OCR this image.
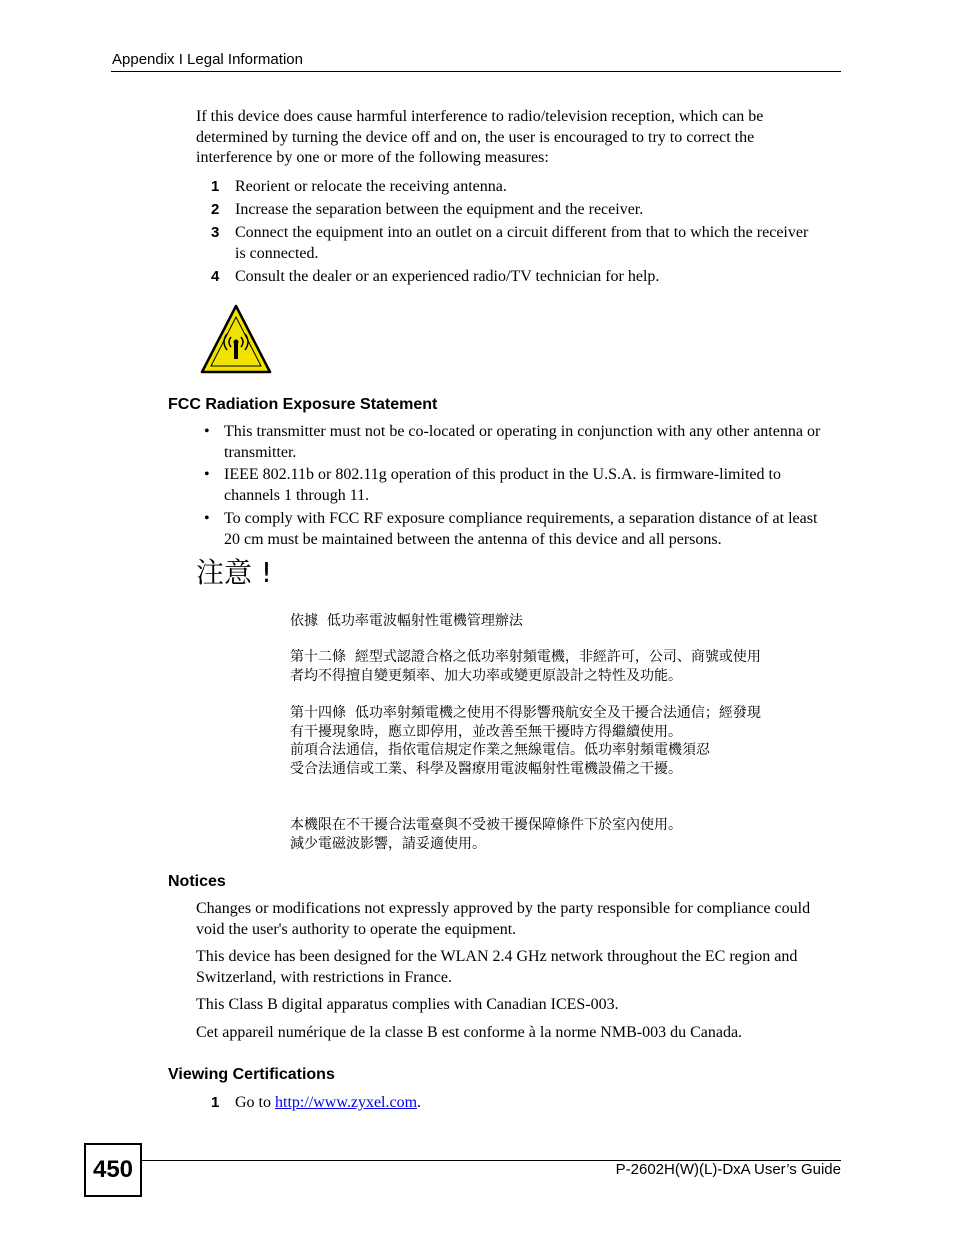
Appendix I Legal Information
If this device does cause harmful interference to radio/television reception, which can be determined by turning the device off and on, the user is encouraged to try to correct the interference by one or more of the following measures:
1 Reorient or relocate the receiving antenna.
2 Increase the separation between the equipment and the receiver.
3 Connect the equipment into an outlet on a circuit different from that to which the receiver is connected.
4 Consult the dealer or an experienced radio/TV technician for help.
FCC Radiation Exposure Statement
• This transmitter must not be co-located or operating in conjunction with any other antenna or transmitter.
• IEEE 802.11b or 802.11g operation of this product in the U.S.A. is firmware-limited to channels 1 through 11.
• To comply with FCC RF exposure compliance requirements, a separation distance of at least 20 cm must be maintained between the antenna of this device and all persons.
注意 !
依據  低功率電波輻射性電機管理辦法
第十二條  經型式認證合格之低功率射頻電機，非經許可，公司、商號或使用
者均不得擅自變更頻率、加大功率或變更原設計之特性及功能。
第十四條  低功率射頻電機之使用不得影響飛航安全及干擾合法通信；經發現
有干擾現象時，應立即停用，並改善至無干擾時方得繼續使用。
前項合法通信，指依電信規定作業之無線電信。低功率射頻電機須忍
受合法通信或工業、科學及醫療用電波輻射性電機設備之干擾。
本機限在不干擾合法電臺與不受被干擾保障條件下於室內使用。
減少電磁波影響，請妥適使用。
Notices
Changes or modifications not expressly approved by the party responsible for compliance could void the user's authority to operate the equipment.
This device has been designed for the WLAN 2.4 GHz network throughout the EC region and Switzerland, with restrictions in France.
This Class B digital apparatus complies with Canadian ICES-003.
Cet appareil numérique de la classe B est conforme à la norme NMB-003 du Canada.
Viewing Certifications
1 Go to http://www.zyxel.com.
450	P-2602H(W)(L)-DxA User’s Guide
